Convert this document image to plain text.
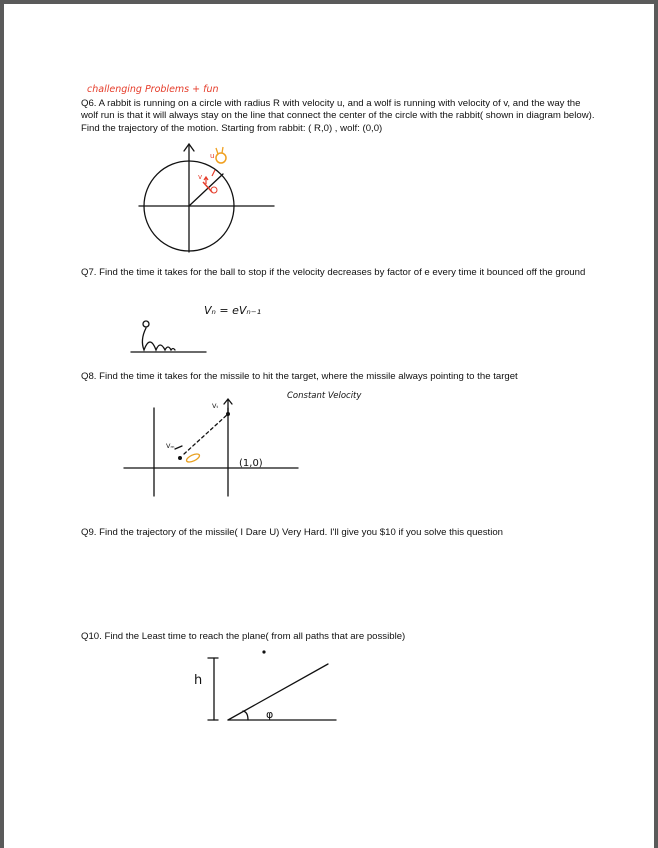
challenging Problems + fun
Q6. A rabbit is running on a circle with radius R with velocity u, and a wolf is running with velocity of v, and the way the wolf run is that it will always stay on the line that connect the center of the circle with the rabbit( shown in diagram below). Find the trajectory of the motion. Starting from rabbit: ( R,0) , wolf: (0,0)
u
v
Q7. Find the time it takes for the ball to stop if the velocity decreases by factor of e every time it bounced off the ground
Vₙ = eVₙ₋₁
Q8. Find the time it takes for the missile to hit the target, where the missile always pointing to the target
Constant Velocity
Vₜ
Vₘ
(1,0)
Q9. Find the trajectory of the missile( I Dare U) Very Hard. I'll give you $10 if you solve this question
Q10. Find the Least time to reach the plane( from all paths that are possible)
h
φ
